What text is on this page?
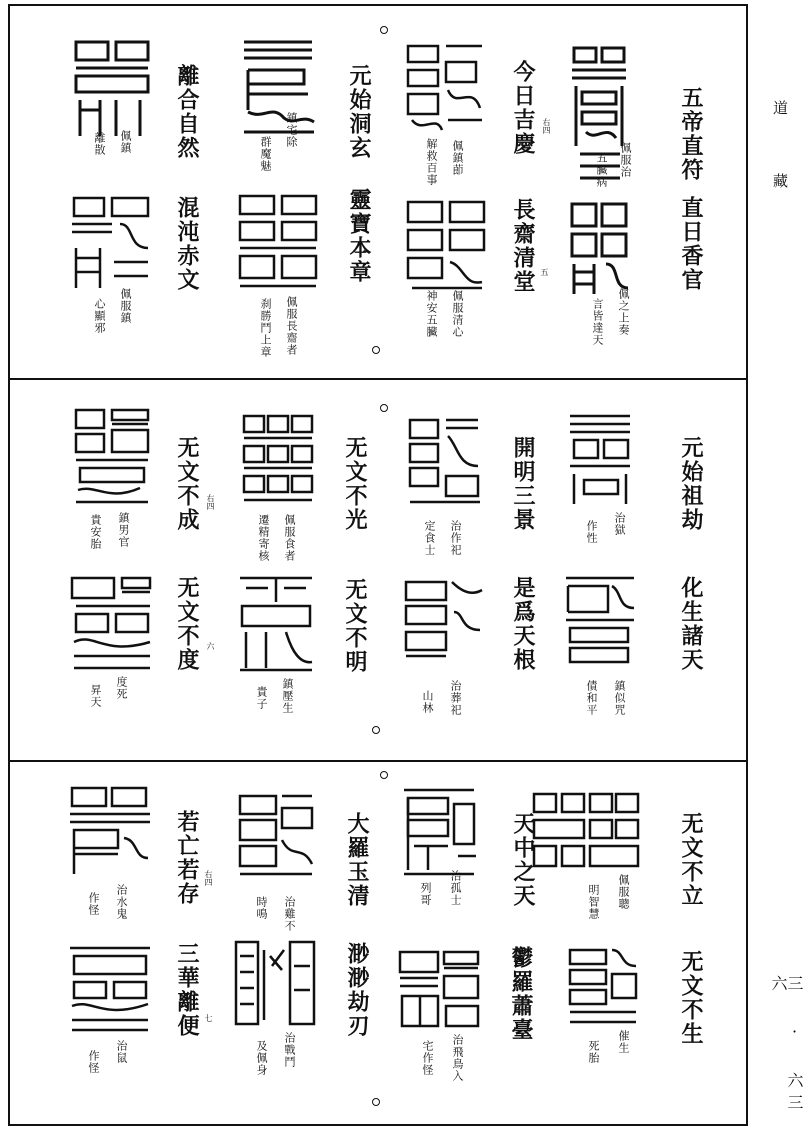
道 藏
三 · 六三六
五帝直符
佩服治
五臟病
直日香官
佩之上奏
言皆達天
今日吉慶 右四
佩鎮莭
解救百事
長齋清堂 五
佩服清心
神安五臟
元始洞玄
鎮宅除
群魔魅
靈寶本章
佩服長齋者
刹勝鬥上章
離合自然
佩鎮
離散
混沌赤文
佩服鎮
心顯邪
元始祖劫
治獄
作性
化生諸天
鎮似咒
債和平
開明三景
治作祀
定食士
是爲天根
治葬祀
山林
无文不光
佩服食者
遷精寄核
无文不明
鎮壓生
貴子
无文不成 右四
鎮男官
貴安胎
无文不度 六
度死
昇天
无文不立
佩服聰
明智慧
无文不生
催生
死胎
天中之天
治孤士
列哥
鬱羅蕭臺
治飛鳥入
宅作怪
大羅玉清
治雞不
時鳴
渺渺劫刃
治戰鬥
及佩身
若亡若存 右四
治水鬼
作怪
三華離便 七
治鼠
作怪
